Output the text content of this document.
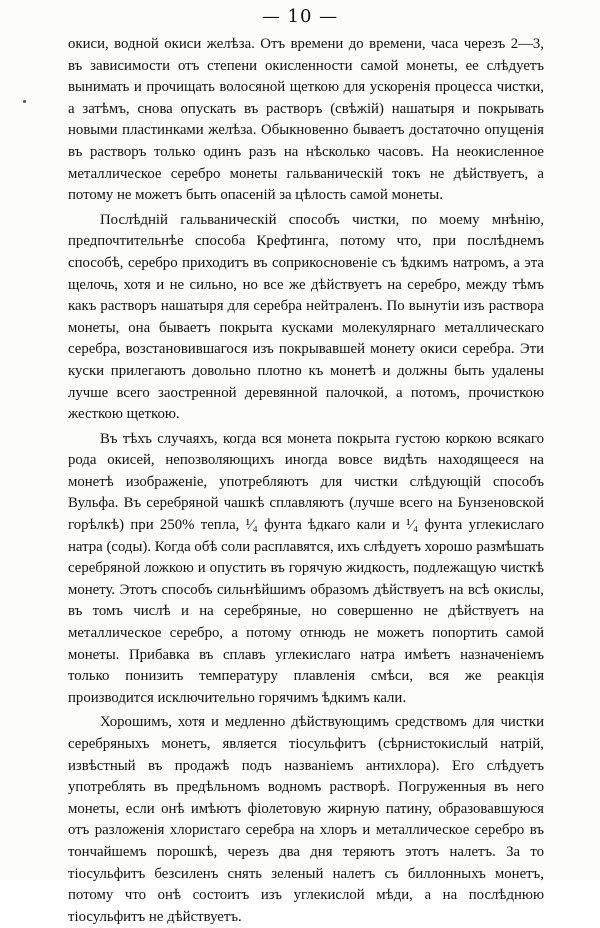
— 10 —

окиси, водной окиси желѣза. Отъ времени до времени, часа черезъ 2—3, въ зависимости отъ степени окисленности самой монеты, ее слѣдуетъ вынимать и прочищать волосяной щеткою для ускоренія процесса чистки, а затѣмъ, снова опускать въ растворъ (свѣжій) нашатыря и покрывать новыми пластинками желѣза. Обыкновенно бываетъ достаточно опущенія въ растворъ только одинъ разъ на нѣсколько часовъ. На неокисленное металлическое серебро монеты гальваническій токъ не дѣйствуетъ, а потому не можетъ быть опасеній за цѣлость самой монеты.

Послѣдній гальваническій способъ чистки, по моему мнѣнію, предпочтительнѣе способа Крефтинга, потому что, при послѣднемъ способѣ, серебро приходитъ въ соприкосновеніе съ ѣдкимъ натромъ, а эта щелочь, хотя и не сильно, но все же дѣйствуетъ на серебро, между тѣмъ какъ растворъ нашатыря для серебра нейтраленъ. По вынутіи изъ раствора монеты, она бываетъ покрыта кусками молекулярнаго металлическаго серебра, возстановившагося изъ покрывавшей монету окиси серебра. Эти куски прилегаютъ довольно плотно къ монетѣ и должны быть удалены лучше всего заостренной деревянной палочкой, а потомъ, прочисткою жесткою щеткою.

Въ тѣхъ случаяхъ, когда вся монета покрыта густою коркою всякаго рода окисей, непозволяющихъ иногда вовсе видѣть находящееся на монетѣ изображеніе, употребляютъ для чистки слѣдующій способъ Вульфа. Въ серебряной чашкѣ сплавляютъ (лучше всего на Бунзеновской горѣлкѣ) при 250% тепла, ¹⁄₄ фунта ѣдкаго кали и ¹⁄₄ фунта углекислаго натра (соды). Когда обѣ соли расплавятся, ихъ слѣдуетъ хорошо размѣшать серебряной ложкою и опустить въ горячую жидкость, подлежащую чисткѣ монету. Этотъ способъ сильнѣйшимъ образомъ дѣйствуетъ на всѣ окислы, въ томъ числѣ и на серебряные, но совершенно не дѣйствуетъ на металлическое серебро, а потому отнюдь не можетъ попортить самой монеты. Прибавка въ сплавъ углекислаго натра имѣетъ назначеніемъ только понизить температуру плавленія смѣси, вся же реакція производится исключительно горячимъ ѣдкимъ кали.

Хорошимъ, хотя и медленно дѣйствующимъ средствомъ для чистки серебряныхъ монетъ, является тіосульфитъ (сѣрнистокислый натрій, извѣстный въ продажѣ подъ названіемъ антихлора). Его слѣдуетъ употреблять въ предѣльномъ водномъ растворѣ. Погруженныя въ него монеты, если онѣ имѣютъ фіолетовую жирную патину, образовавшуюся отъ разложенія хлористаго серебра на хлоръ и металлическое серебро въ тончайшемъ порошкѣ, черезъ два дня теряютъ этотъ налетъ. За то тіосульфитъ безсиленъ снять зеленый налетъ съ биллонныхъ монетъ, потому что онѣ состоитъ изъ углекислой мѣди, а на послѣднюю тіосульфитъ не дѣйствуетъ.
